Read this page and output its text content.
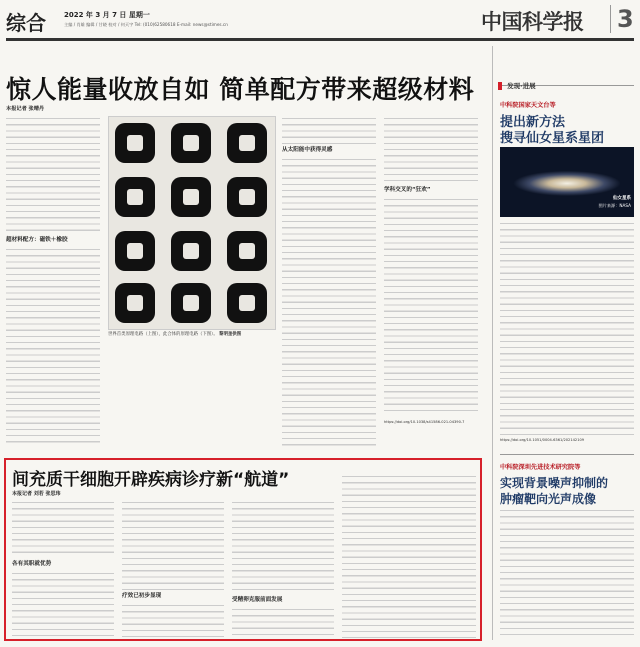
综合	2022 年 3 月 7 日 星期一
主编 / 肖雄 编辑 / 甘晓 校对 / 何天宇 Tel: (010)62580618 E-mail: news@stimes.cn	中国科学报 3
惊人能量收放自如 简单配方带来超级材料
本报记者 张晴丹
超材料配方：磁铁＋橡胶
世界首类原理电路（上图），此合体的原理电路（下图）。 黎明奎供图
从太阳能中获得灵感
学科交叉的“狂欢”
https://doi.org/10.1038/s41586-021-04390-7
间充质干细胞开辟疾病诊疗新“航道”
本报记者 刘若 张思玮
各有其职就优势
疗效已初步显现
受精卵克服前面发展
发现·进展
中科院国家天文台等
提出新方法
搜寻仙女星系星团
仙女星系
图片来源：NASA
https://doi.org/10.1051/0004-6361/202142109
中科院深圳先进技术研究院等
实现背景噪声抑制的
肿瘤靶向光声成像
